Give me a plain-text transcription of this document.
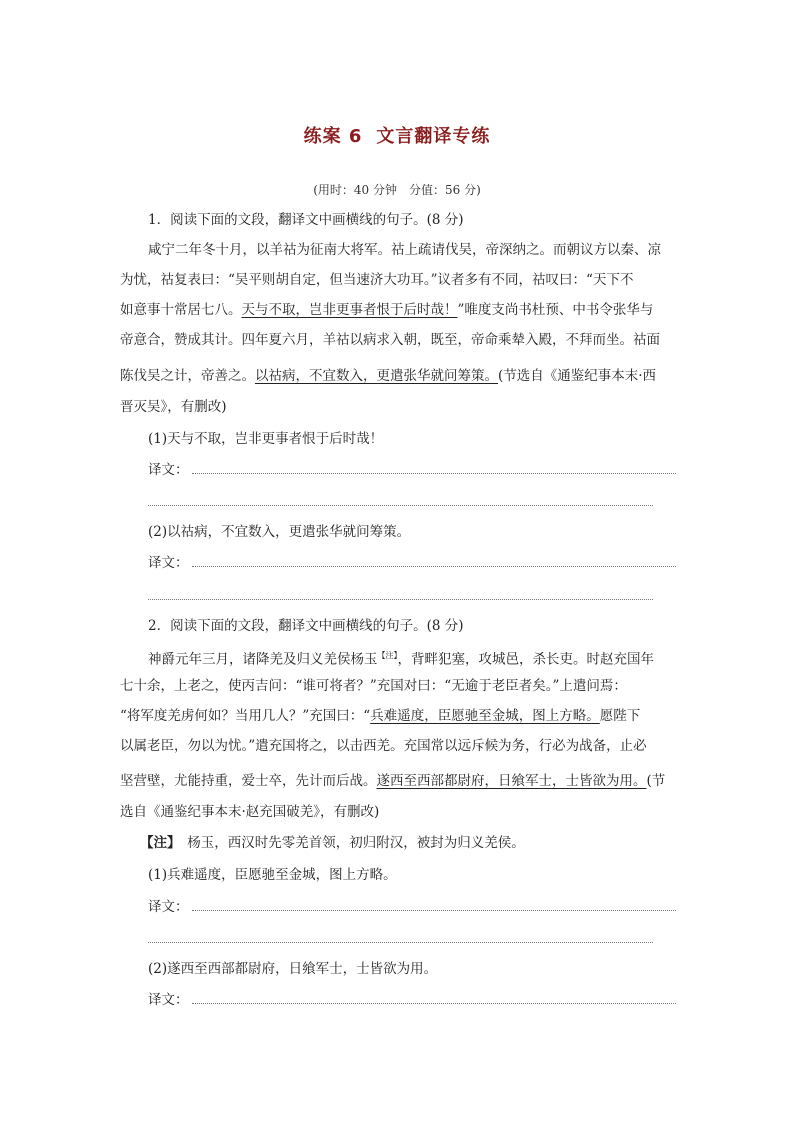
练案 6 文言翻译专练
(用时：40 分钟　分值：56 分)
1．阅读下面的文段，翻译文中画横线的句子。(8 分)
咸宁二年冬十月，以羊祜为征南大将军。祜上疏请伐吴，帝深纳之。而朝议方以秦、凉
为忧，祜复表曰：“吴平则胡自定，但当速济大功耳。”议者多有不同，祜叹曰：“天下不
如意事十常居七八。天与不取，岂非更事者恨于后时哉！”唯度支尚书杜预、中书令张华与
帝意合，赞成其计。四年夏六月，羊祜以病求入朝，既至，帝命乘辇入殿，不拜而坐。祜面
陈伐吴之计，帝善之。以祜病，不宜数入，更遣张华就问筹策。(节选自《通鉴纪事本末·西
晋灭吴》，有删改)
(1)天与不取，岂非更事者恨于后时哉！
译文：
(2)以祜病，不宜数入，更遣张华就问筹策。
译文：
2．阅读下面的文段，翻译文中画横线的句子。(8 分)
神爵元年三月，诸降羌及归义羌侯杨玉$^{【注】}$，背畔犯塞，攻城邑，杀长吏。时赵充国年
七十余，上老之，使丙吉问：“谁可将者？”充国对曰：“无逾于老臣者矣。”上遣问焉：
“将军度羌虏何如？当用几人？”充国曰：“兵难遥度，臣愿驰至金城，图上方略。愿陛下
以属老臣，勿以为忧。”遣充国将之，以击西羌。充国常以远斥候为务，行必为战备，止必
坚营壁，尤能持重，爱士卒，先计而后战。遂西至西部都尉府，日飨军士，士皆欲为用。(节
选自《通鉴纪事本末·赵充国破羌》，有删改)
【注】　 杨玉，西汉时先零羌首领，初归附汉，被封为归义羌侯。
(1)兵难遥度，臣愿驰至金城，图上方略。
译文：
(2)遂西至西部都尉府，日飨军士，士皆欲为用。
译文：
